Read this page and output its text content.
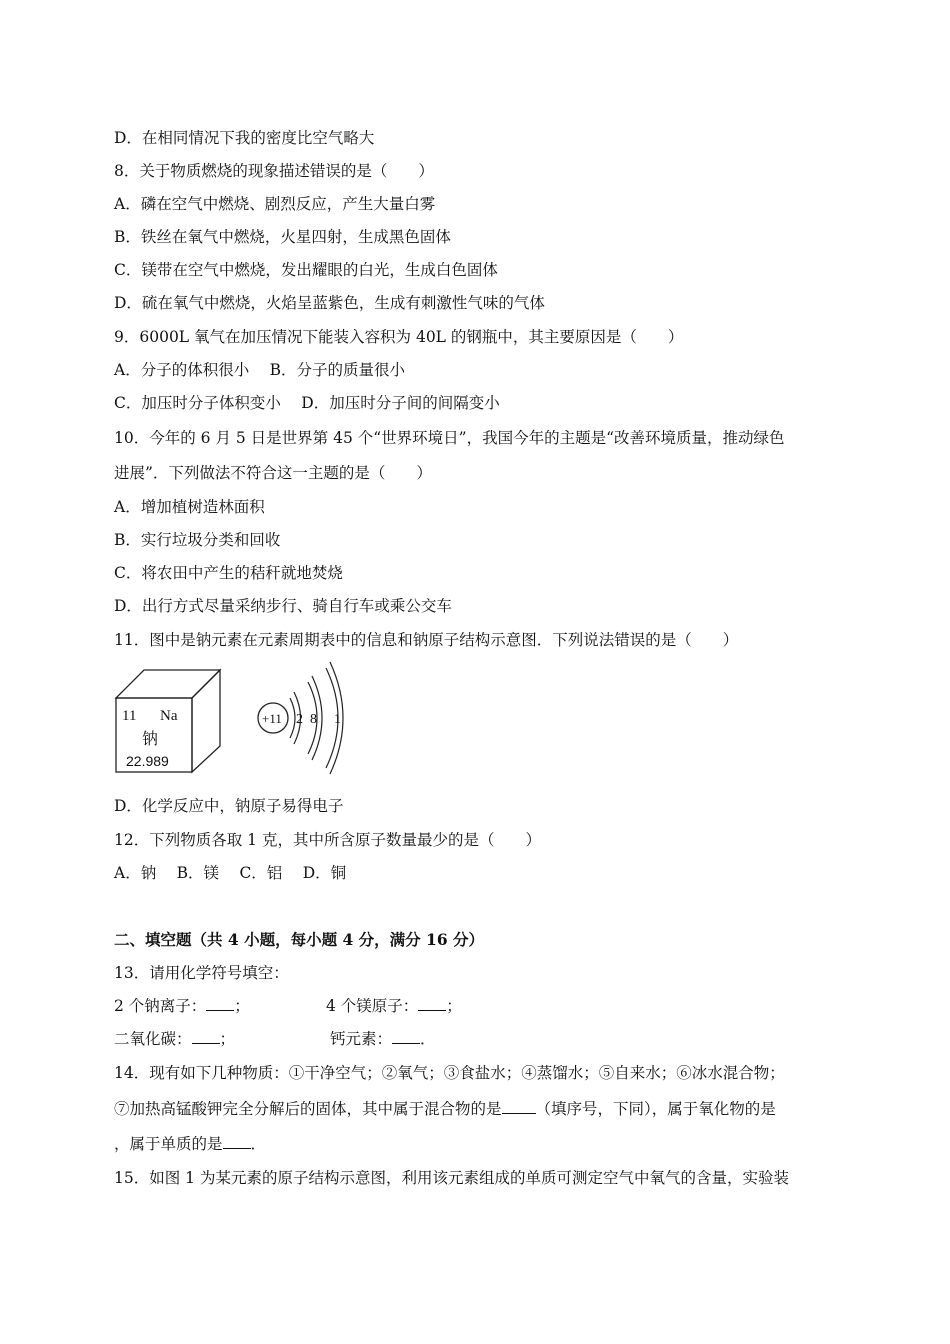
D．在相同情况下我的密度比空气略大
8．关于物质燃烧的现象描述错误的是（　　）
A．磷在空气中燃烧、剧烈反应，产生大量白雾
B．铁丝在氧气中燃烧，火星四射，生成黑色固体
C．镁带在空气中燃烧，发出耀眼的白光，生成白色固体
D．硫在氧气中燃烧，火焰呈蓝紫色，生成有刺激性气味的气体
9．6000L 氧气在加压情况下能装入容积为 40L 的钢瓶中，其主要原因是（　　）
A．分子的体积很小　 B．分子的质量很小
C．加压时分子体积变小　 D．加压时分子间的间隔变小
10．今年的 6 月 5 日是世界第 45 个“世界环境日”，我国今年的主题是“改善环境质量，推动绿色
进展”．下列做法不符合这一主题的是（　　）
A．增加植树造林面积
B．实行垃圾分类和回收
C．将农田中产生的秸秆就地焚烧
D．出行方式尽量采纳步行、骑自行车或乘公交车
11．图中是钠元素在元素周期表中的信息和钠原子结构示意图．下列说法错误的是（　　）
11 Na
钠
22.989
+11 2 8 1
D．化学反应中，钠原子易得电子
12．下列物质各取 1 克，其中所含原子数量最少的是（　　）
A．钠　 B．镁　 C．铝　 D．铜
二、填空题（共 4 小题，每小题 4 分，满分 16 分）
13．请用化学符号填空：
2 个钠离子： ；	4 个镁原子： ；
二氧化碳： ；	钙元素： ．
14．现有如下几种物质：①干净空气；②氧气；③食盐水；④蒸馏水；⑤自来水；⑥冰水混合物；
⑦加热高锰酸钾完全分解后的固体，其中属于混合物的是 （填序号，下同），属于氧化物的是
，属于单质的是 ．
15．如图 1 为某元素的原子结构示意图，利用该元素组成的单质可测定空气中氧气的含量，实验装
